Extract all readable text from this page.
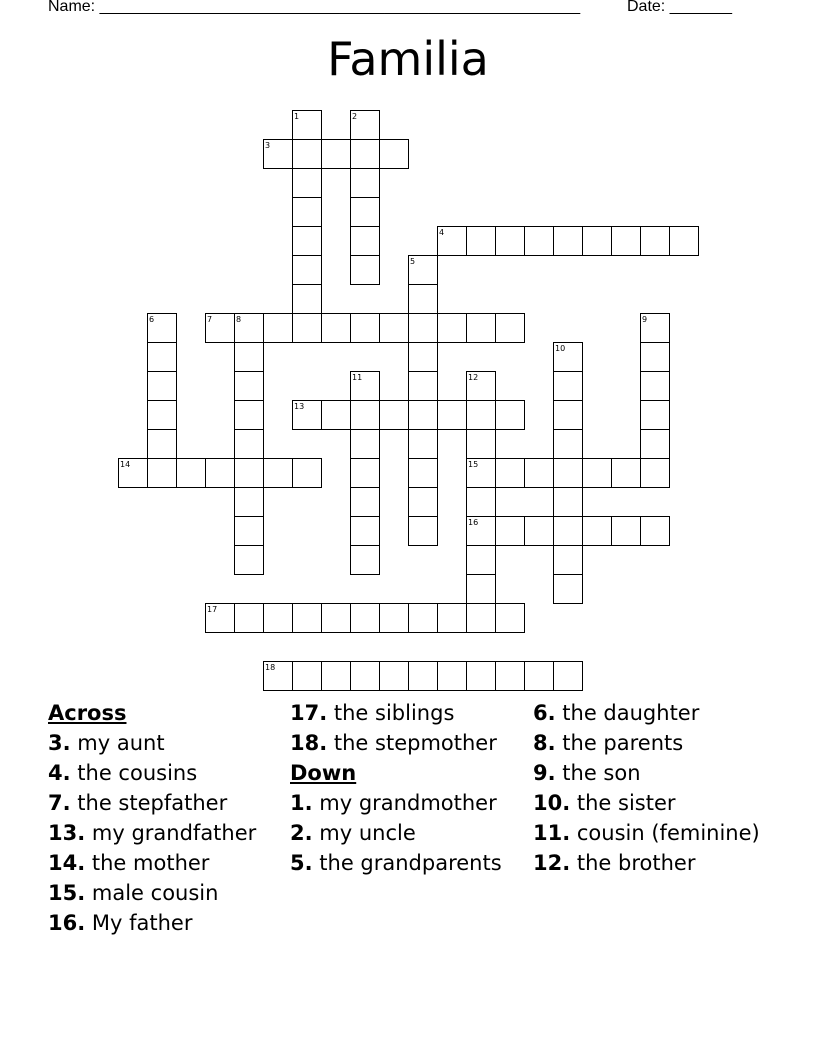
Name: ______________________________________________________	Date: _______
Familia
1	2
3
4
5
6	7	8	9
10
11	12
13
14	15
16
17
18
Across
3. my aunt
4. the cousins
7. the stepfather
13. my grandfather
14. the mother
15. male cousin
16. My father
17. the siblings
18. the stepmother
Down
1. my grandmother
2. my uncle
5. the grandparents
6. the daughter
8. the parents
9. the son
10. the sister
11. cousin (feminine)
12. the brother
